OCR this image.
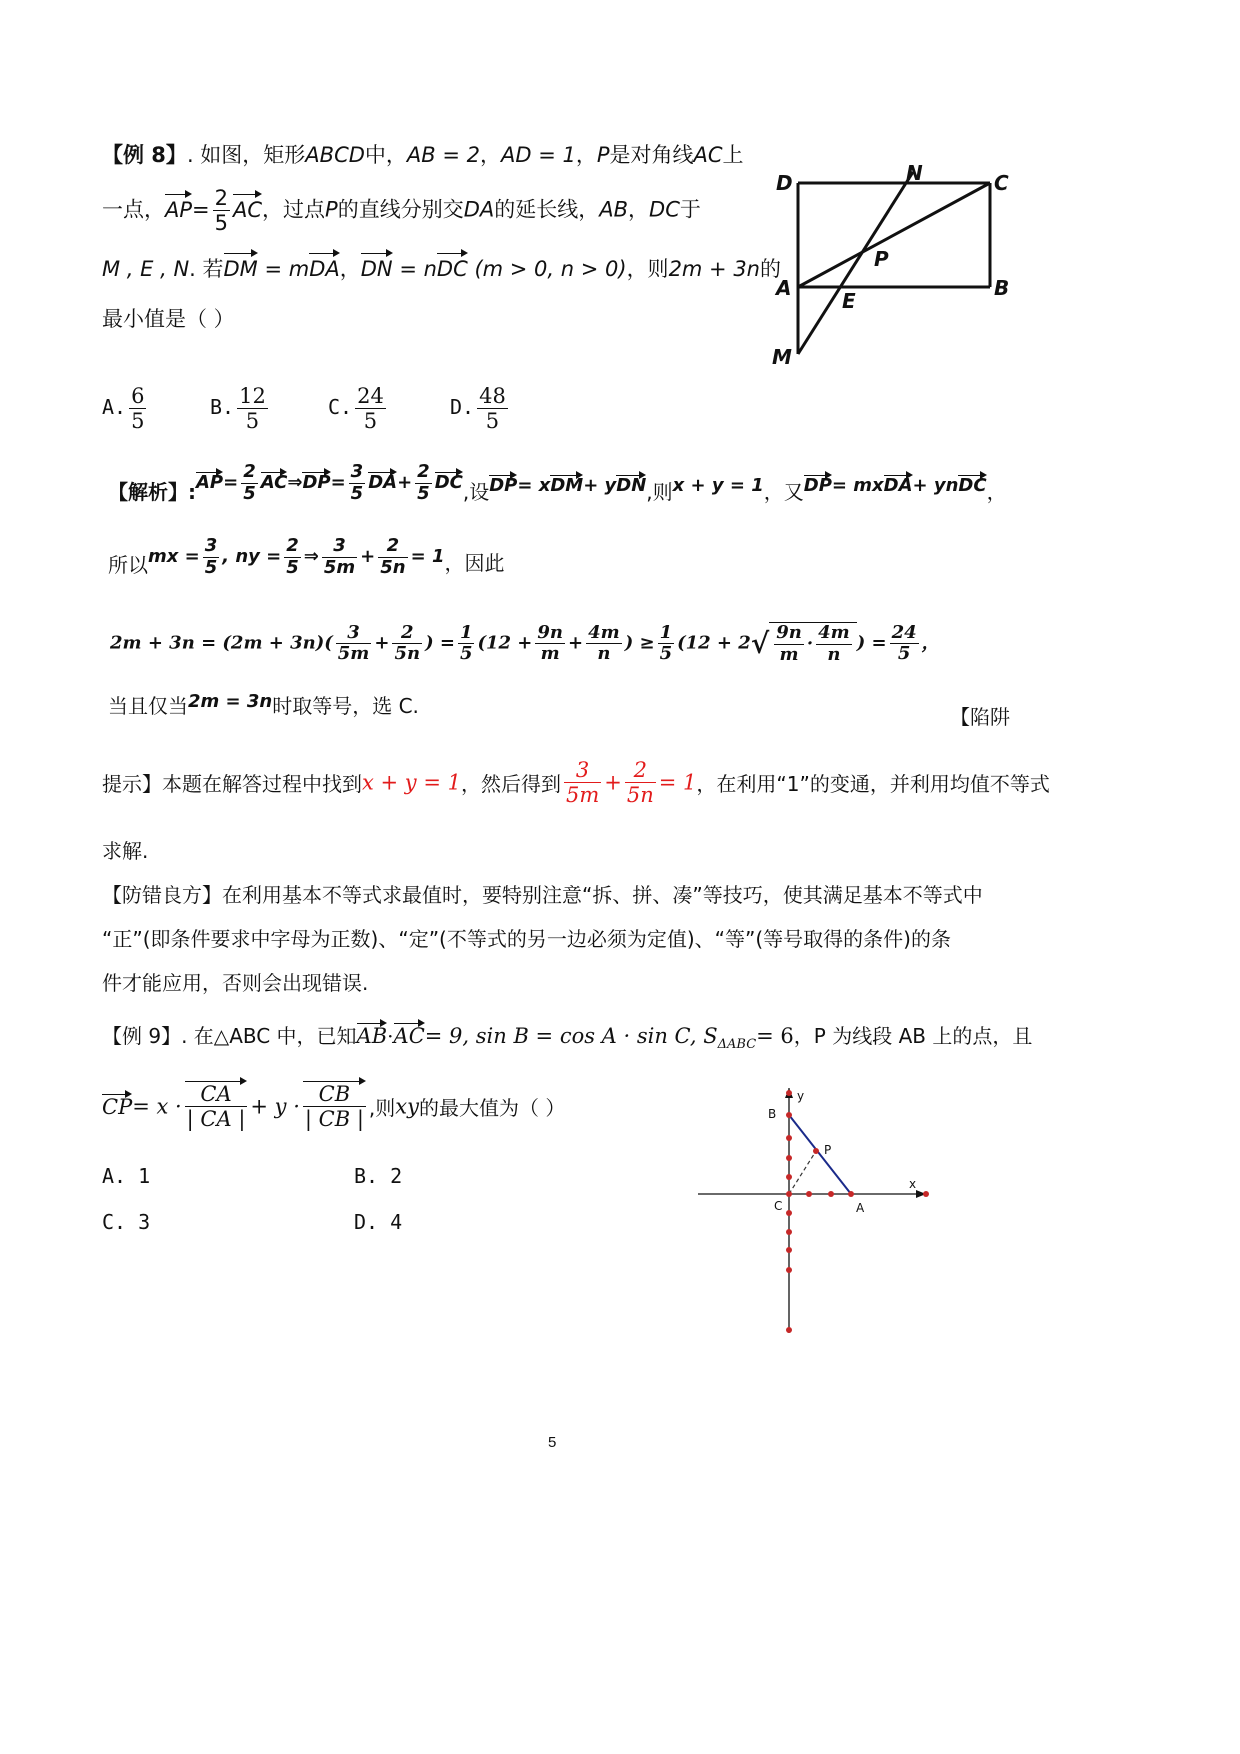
【例 8】. 如图，矩形ABCD中，AB = 2，AD = 1，P是对角线AC上
一点，$AP= \frac{2}{5}$ AC，过点P的直线分别交DA的延长线，AB，DC于
M , E , N. 若DM = mDA，DN = nDC (m > 0, n > 0)，则2m + 3n的
最小值是（ ）
A. $\frac{6}{5}$	B. $\frac{12}{5}$	C. $\frac{24}{5}$	D. $\frac{48}{5}$
D	N	C
P
A
E
B
M
【解析】:AP= $\frac{2}{5}$ AC⇒DP= $\frac{3}{5} DA+ \frac{2}{5}$ DC,设DP= xDM+ yDN,则x + y = 1，又DP= mxDA+ ynDC，
所以mx = $\frac{3}{5}$ , ny = $\frac{2}{5}$ ⇒ $\frac{3}{5m} + \frac{2}{5n} = 1$，因此
$2m + 3n = (2m + 3n)( \frac{3}{5m} + \frac{2}{5n}$ ) = $\frac{1}{5} (12 + \frac{9n}{m} + \frac{4m}{n}$ ) ≥ $\frac{1}{5} (12 + 2√ \frac{9n}{m} \cdot \frac{4m}{n}$ ) = $\frac{24}{5}$ ，
当且仅当2m = 3n时取等号，选 C.	【陷阱
提示】本题在解答过程中找到x + y = 1，然后得到 $\frac{3}{5m} + \frac{2}{5n} = 1$，在利用“1”的变通，并利用均值不等式
求解.
【防错良方】在利用基本不等式求最值时，要特别注意“拆、拼、凑”等技巧，使其满足基本不等式中
“正”(即条件要求中字母为正数)、“定”(不等式的另一边必须为定值)、“等”(等号取得的条件)的条
件才能应用，否则会出现错误.
【例 9】. 在△ABC 中，已知AB·AC= 9, sin B = cos A · sin C, $S_{\Delta ABC}= 6$，P 为线段 AB 上的点，且
$CP= x \cdot \frac{CA}{| CA |} + y \cdot \frac{CB}{| CB |}$ ,则xy的最大值为（ ）
A. 1	B. 2
C. 3	D. 4
y
B
P
x
C	A
5
